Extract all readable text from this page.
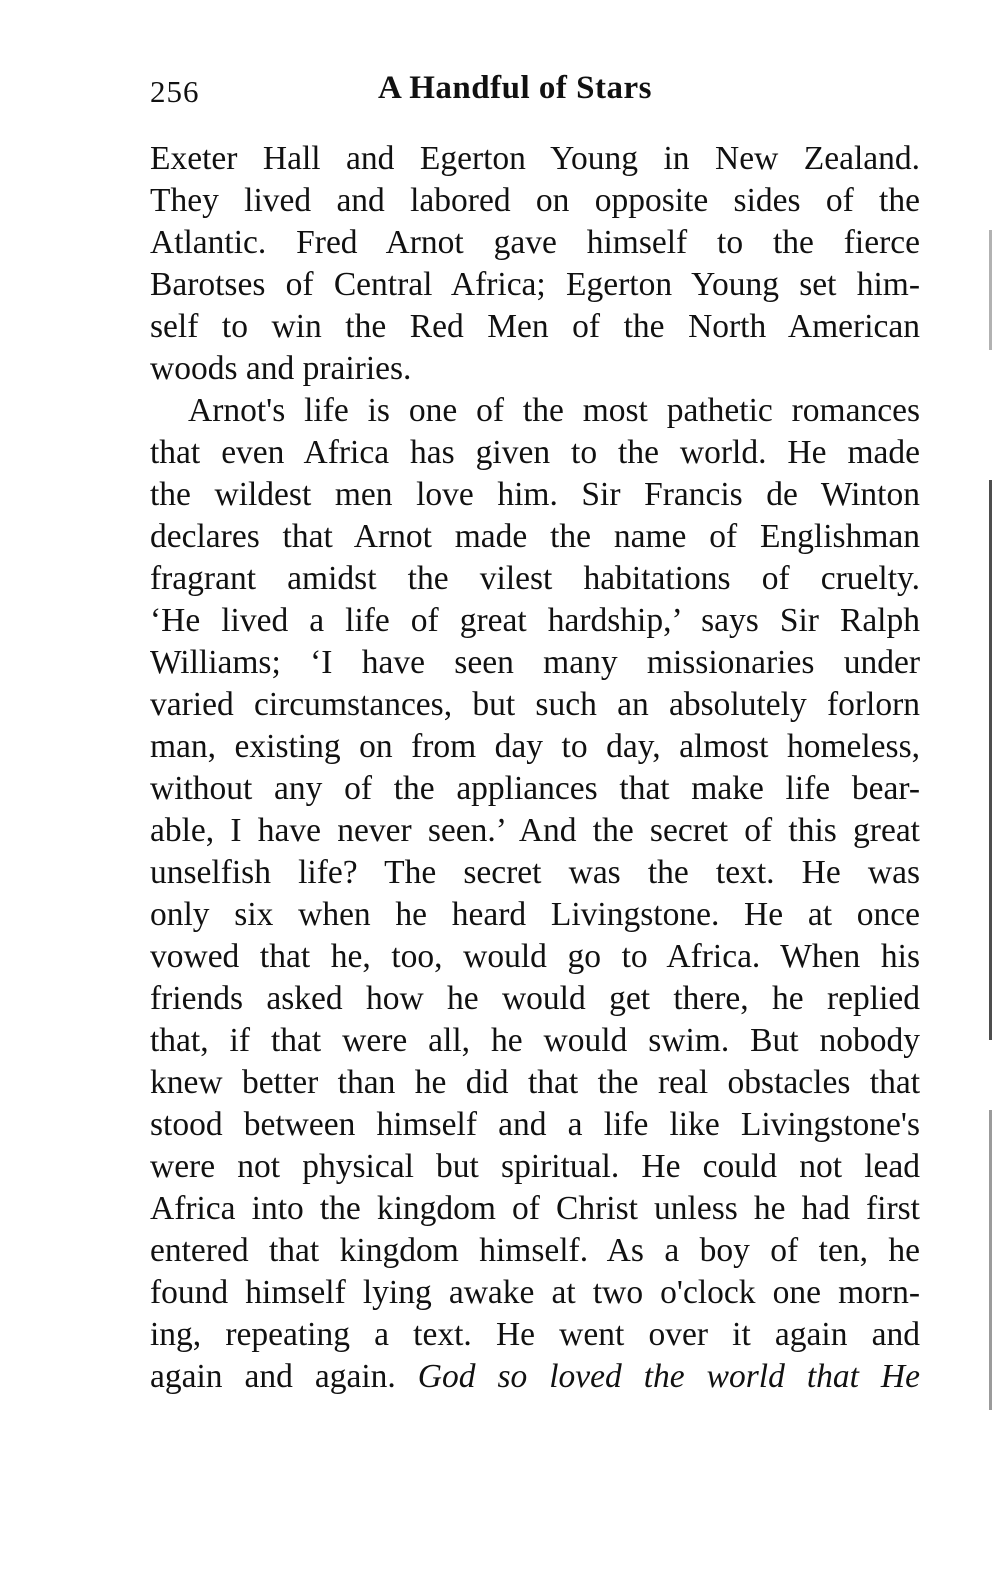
256	A Handful of Stars
Exeter Hall and Egerton Young in New Zealand.
They lived and labored on opposite sides of the
Atlantic. Fred Arnot gave himself to the fierce
Barotses of Central Africa; Egerton Young set him-
self to win the Red Men of the North American
woods and prairies.
Arnot's life is one of the most pathetic romances
that even Africa has given to the world. He made
the wildest men love him. Sir Francis de Winton
declares that Arnot made the name of Englishman
fragrant amidst the vilest habitations of cruelty.
‘He lived a life of great hardship,’ says Sir Ralph
Williams; ‘I have seen many missionaries under
varied circumstances, but such an absolutely forlorn
man, existing on from day to day, almost homeless,
without any of the appliances that make life bear-
able, I have never seen.’ And the secret of this great
unselfish life? The secret was the text. He was
only six when he heard Livingstone. He at once
vowed that he, too, would go to Africa. When his
friends asked how he would get there, he replied
that, if that were all, he would swim. But nobody
knew better than he did that the real obstacles that
stood between himself and a life like Livingstone's
were not physical but spiritual. He could not lead
Africa into the kingdom of Christ unless he had first
entered that kingdom himself. As a boy of ten, he
found himself lying awake at two o'clock one morn-
ing, repeating a text. He went over it again and
again and again. God so loved the world that He
